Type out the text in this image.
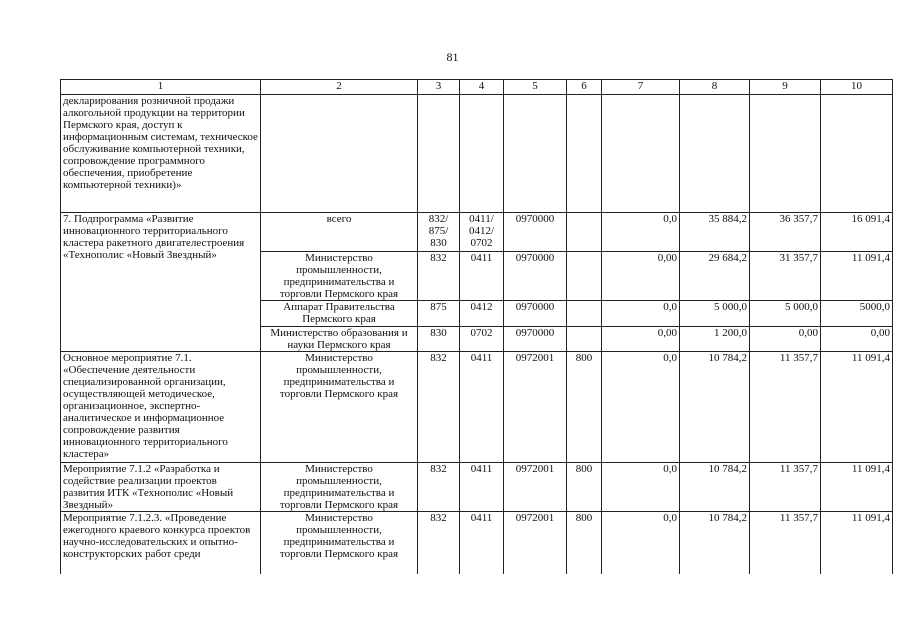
81
1	2	3	4	5	6	7	8	9	10
декларирования розничной продажи алкогольной продукции на территории Пермского края, доступ к информационным системам, техническое обслуживание компьютерной техники, сопровождение программного обеспечения, приобретение компьютерной техники)»									
7. Подпрограмма «Развитие инновационного территориального кластера ракетного двигателестроения «Технополис «Новый Звездный»	всего	832/ 875/ 830	0411/ 0412/ 0702	0970000		0,0	35 884,2	36 357,7	16 091,4
	Министерство промышленности, предпринимательства и торговли Пермского края	832	0411	0970000		0,00	29 684,2	31 357,7	11 091,4
	Аппарат Правительства Пермского края	875	0412	0970000		0,0	5 000,0	5 000,0	5000,0
	Министерство образования и науки Пермского края	830	0702	0970000		0,00	1 200,0	0,00	0,00
Основное мероприятие 7.1. «Обеспечение деятельности специализированной организации, осуществляющей методическое, организационное, экспертно-аналитическое и информационное сопровождение развития инновационного территориального кластера»	Министерство промышленности, предпринимательства и торговли Пермского края	832	0411	0972001	800	0,0	10 784,2	11 357,7	11 091,4
Мероприятие 7.1.2 «Разработка и содействие реализации проектов развития ИТК «Технополис «Новый Звездный»	Министерство промышленности, предпринимательства и торговли Пермского края	832	0411	0972001	800	0,0	10 784,2	11 357,7	11 091,4
Мероприятие 7.1.2.3. «Проведение ежегодного краевого конкурса проектов научно-исследовательских и опытно-конструкторских работ среди	Министерство промышленности, предпринимательства и торговли Пермского края	832	0411	0972001	800	0,0	10 784,2	11 357,7	11 091,4
